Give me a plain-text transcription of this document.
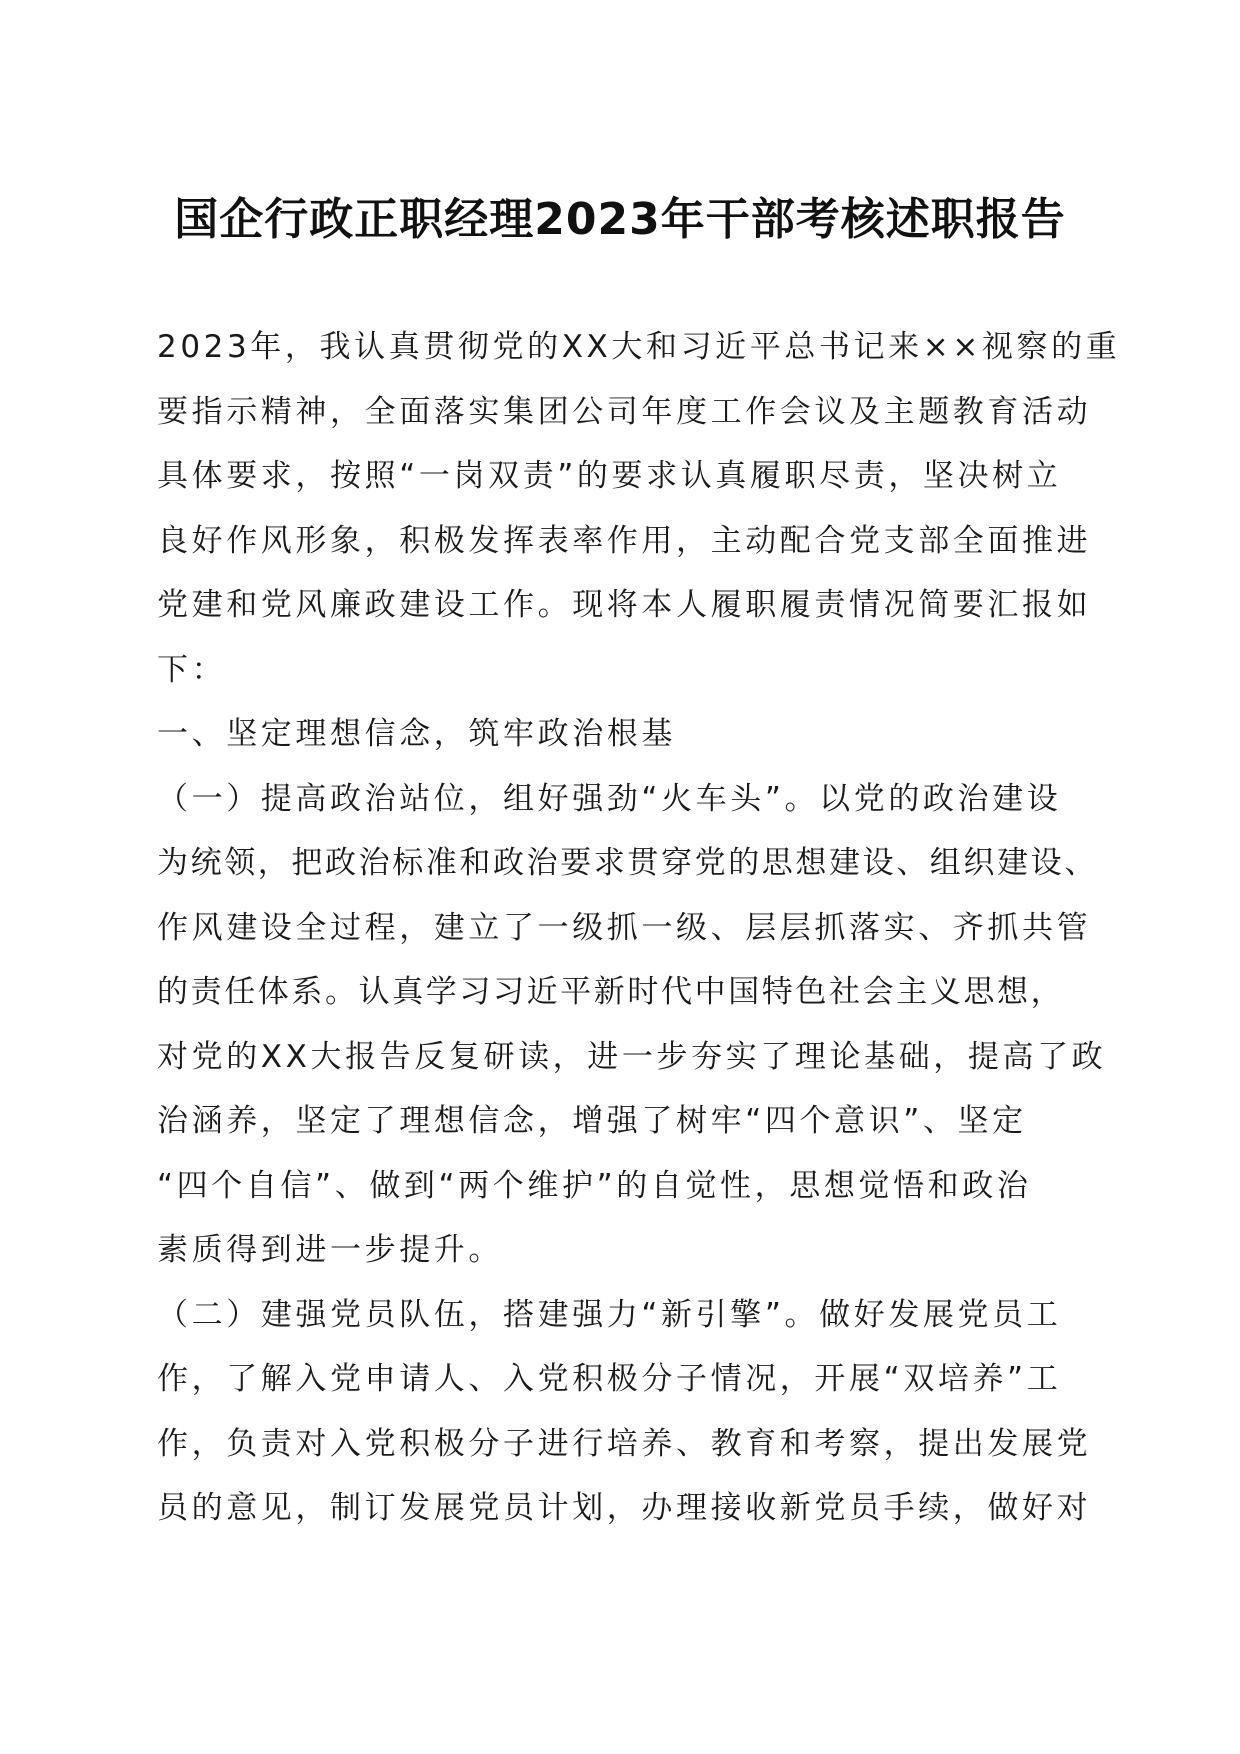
国企行政正职经理2023年干部考核述职报告

2023年，我认真贯彻党的XX大和习近平总书记来××视察的重

要指示精神，全面落实集团公司年度工作会议及主题教育活动

具体要求，按照“一岗双责”的要求认真履职尽责，坚决树立

良好作风形象，积极发挥表率作用，主动配合党支部全面推进

党建和党风廉政建设工作。现将本人履职履责情况简要汇报如

下：

一、坚定理想信念，筑牢政治根基

（一）提高政治站位，组好强劲“火车头”。以党的政治建设

为统领，把政治标准和政治要求贯穿党的思想建设、组织建设、

作风建设全过程，建立了一级抓一级、层层抓落实、齐抓共管

的责任体系。认真学习习近平新时代中国特色社会主义思想，

对党的XX大报告反复研读，进一步夯实了理论基础，提高了政

治涵养，坚定了理想信念，增强了树牢“四个意识”、坚定

“四个自信”、做到“两个维护”的自觉性，思想觉悟和政治

素质得到进一步提升。

（二）建强党员队伍，搭建强力“新引擎”。做好发展党员工

作，了解入党申请人、入党积极分子情况，开展“双培养”工

作，负责对入党积极分子进行培养、教育和考察，提出发展党

员的意见，制订发展党员计划，办理接收新党员手续，做好对
